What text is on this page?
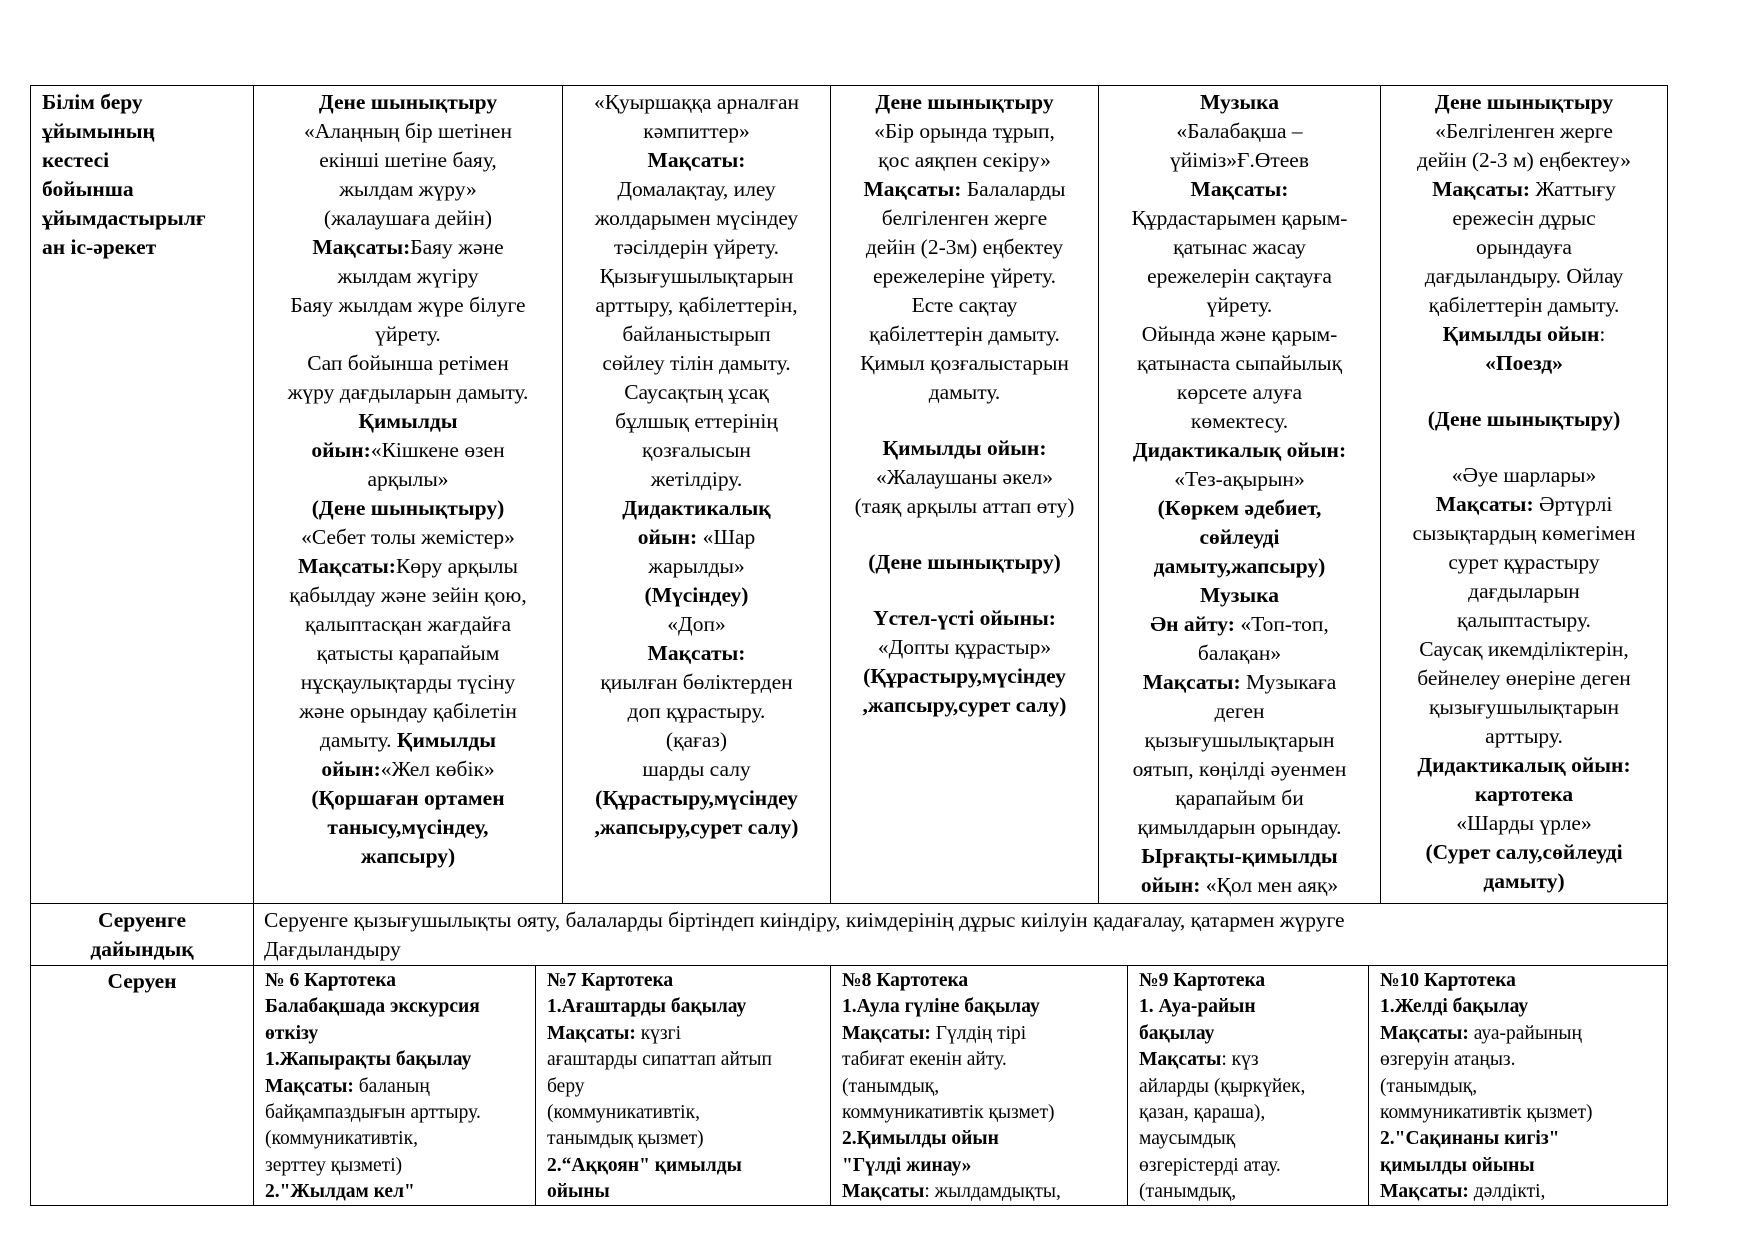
Білім беру
ұйымының
кестесі
бойынша
ұйымдастырылғ
ан іс-әрекет
Дене шынықтыру
«Алаңның бір шетінен
екінші шетіне баяу,
жылдам жүру»
(жалаушаға дейін)
Мақсаты:Баяу және
жылдам жүгіру
Баяу жылдам жүре білуге
үйрету.
Сап бойынша ретімен
жүру дағдыларын дамыту.
Қимылды
ойын:«Кішкене өзен
арқылы»
(Дене шынықтыру)
«Себет толы жемістер»
Мақсаты:Көру арқылы
қабылдау және зейін қою,
қалыптасқан жағдайға
қатысты қарапайым
нұсқаулықтарды түсіну
және орындау қабілетін
дамыту. Қимылды
ойын:«Жел көбік»
(Қоршаған ортамен
танысу,мүсіндеу,
жапсыру)
«Қуыршаққа арналған
кәмпиттер»
Мақсаты:
Домалақтау, илеу
жолдарымен мүсіндеу
тәсілдерін үйрету.
Қызығушылықтарын
арттыру, қабілеттерін,
байланыстырып
сөйлеу тілін дамыту.
Саусақтың ұсақ
бұлшық еттерінің
қозғалысын
жетілдіру.
Дидактикалық
ойын: «Шар
жарылды»
(Мүсіндеу)
«Доп»
Мақсаты:
қиылған бөліктерден
доп құрастыру.
(қағаз)
шарды салу
(Құрастыру,мүсіндеу
,жапсыру,сурет салу)
Дене шынықтыру
«Бір орында тұрып,
қос аяқпен секіру»
Мақсаты: Балаларды
белгіленген жерге
дейін (2-3м) еңбектеу
ережелеріне үйрету.
Есте сақтау
қабілеттерін дамыту.
Қимыл қозғалыстарын
дамыту.
Қимылды ойын:
«Жалаушаны әкел»
(таяқ арқылы аттап өту)
(Дене шынықтыру)
Үстел-үсті ойыны:
«Допты құрастыр»
(Құрастыру,мүсіндеу
,жапсыру,сурет салу)
Музыка
«Балабақша –
үйіміз»Ғ.Өтеев
Мақсаты:
Құрдастарымен қарым-
қатынас жасау
ережелерін сақтауға
үйрету.
Ойында және қарым-
қатынаста сыпайылық
көрсете алуға
көмектесу.
Дидактикалық ойын:
«Тез-ақырын»
(Көркем әдебиет,
сөйлеуді
дамыту,жапсыру)
Музыка
Ән айту: «Топ-топ,
балақан»
Мақсаты: Музыкаға
деген
қызығушылықтарын
оятып, көңілді әуенмен
қарапайым би
қимылдарын орындау.
Ырғақты-қимылды
ойын: «Қол мен аяқ»
Дене шынықтыру
«Белгіленген жерге
дейін (2-3 м) еңбектеу»
Мақсаты: Жаттығу
ережесін дұрыс
орындауға
дағдыландыру. Ойлау
қабілеттерін дамыту.
Қимылды ойын:
«Поезд»
(Дене шынықтыру)
«Әуе шарлары»
Мақсаты: Әртүрлі
сызықтардың көмегімен
сурет құрастыру
дағдыларын
қалыптастыру.
Саусақ икемділіктерін,
бейнелеу өнеріне деген
қызығушылықтарын
арттыру.
Дидактикалық ойын:
картотека
«Шарды үрле»
(Сурет салу,сөйлеуді
дамыту)
Серуенге
дайындық
Серуенге қызығушылықты ояту, балаларды біртіндеп киіндіру, киімдерінің дұрыс киілуін қадағалау, қатармен жүруге
Дағдыландыру
Серуен	№ 6 Картотека
Балабақшада экскурсия
өткізу
1.Жапырақты бақылау
Мақсаты: баланың
байқампаздығын арттыру.
(коммуникативтік,
зерттеу қызметі)
2."Жылдам кел"
№7 Картотека
1.Ағаштарды бақылау
Мақсаты: күзгі
ағаштарды сипаттап айтып
беру
(коммуникативтік,
танымдық қызмет)
2.“Аққоян" қимылды
ойыны
№8 Картотека
1.Аула гүліне бақылау
Мақсаты: Гүлдің тірі
табиғат екенін айту.
(танымдық,
коммуникативтік қызмет)
2.Қимылды ойын
"Гүлді жинау»
Мақсаты: жылдамдықты,
№9 Картотека
1. Ауа-райын
бақылау
Мақсаты: күз
айларды (қыркүйек,
қазан, қараша),
маусымдық
өзгерістерді атау.
(танымдық,
№10 Картотека
1.Желді бақылау
Мақсаты: ауа-райының
өзгеруін атаңыз.
(танымдық,
коммуникативтік қызмет)
2."Сақинаны кигіз"
қимылды ойыны
Мақсаты: дәлдікті,
